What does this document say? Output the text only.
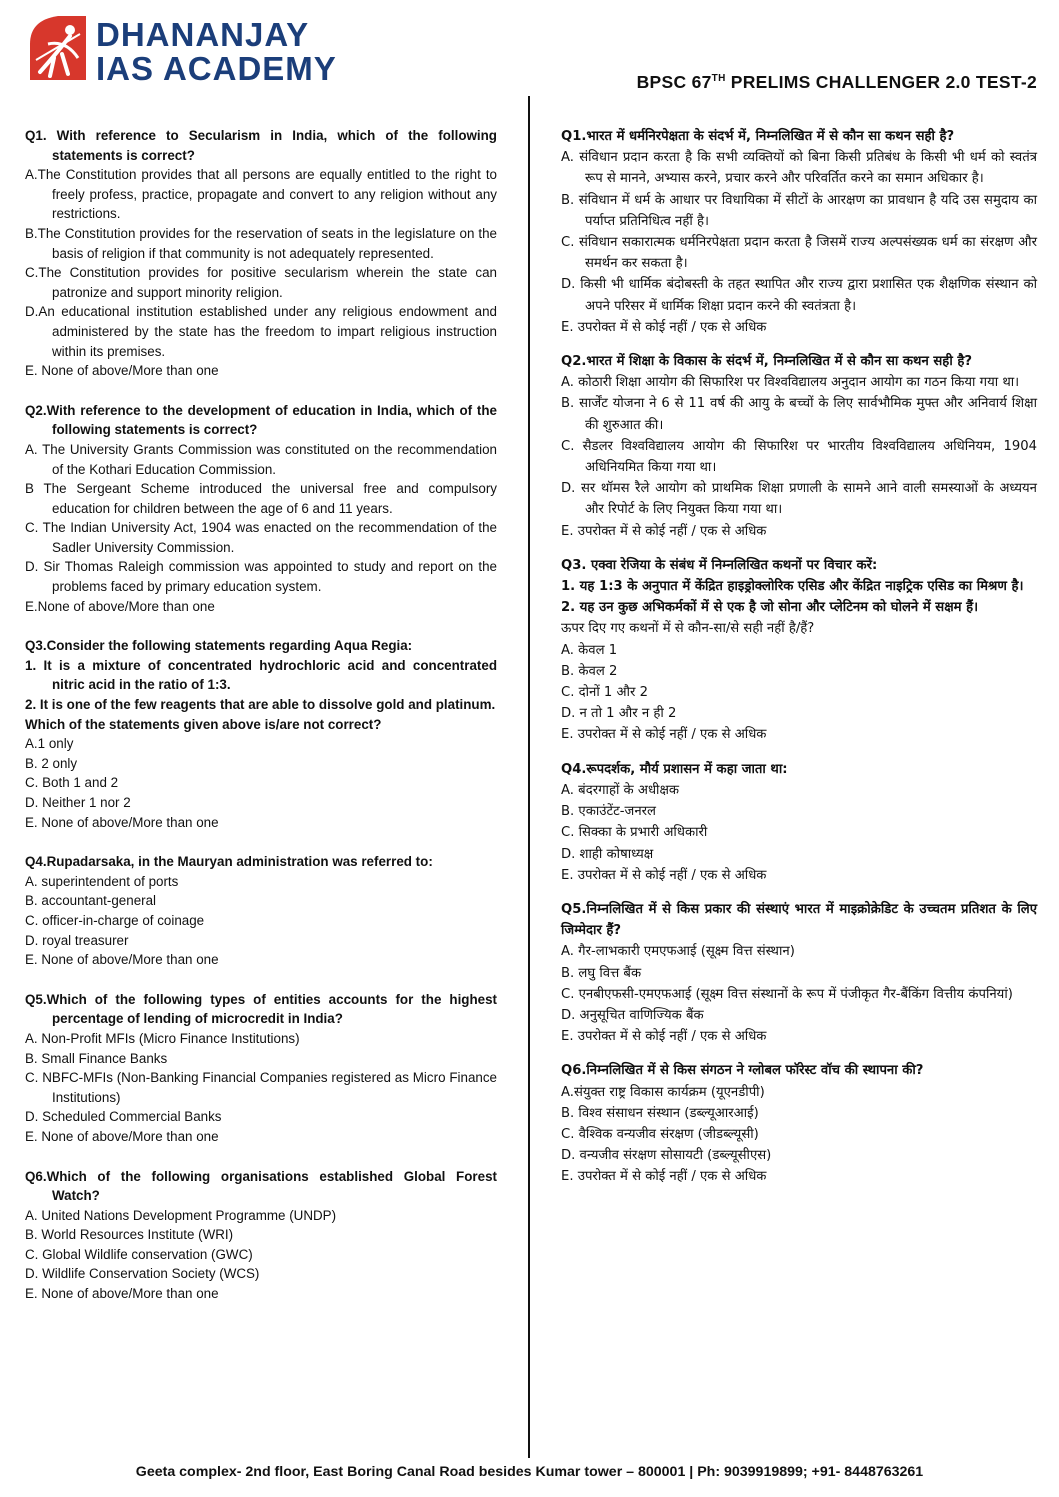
DHANANJAY
IAS ACADEMY	BPSC 67TH PRELIMS CHALLENGER 2.0 TEST-2
Q1. With reference to Secularism in India, which of the following statements is correct?
A.The Constitution provides that all persons are equally entitled to the right to freely profess, practice, propagate and convert to any religion without any restrictions.
B.The Constitution provides for the reservation of seats in the legislature on the basis of religion if that community is not adequately represented.
C.The Constitution provides for positive secularism wherein the state can patronize and support minority religion.
D.An educational institution established under any religious endowment and administered by the state has the freedom to impart religious instruction within its premises.
E. None of above/More than one
Q2.With reference to the development of education in India, which of the following statements is correct?
A. The University Grants Commission was constituted on the recommendation of the Kothari Education Commission.
B The Sergeant Scheme introduced the universal free and compulsory education for children between the age of 6 and 11 years.
C. The Indian University Act, 1904 was enacted on the recommendation of the Sadler University Commission.
D. Sir Thomas Raleigh commission was appointed to study and report on the problems faced by primary education system.
E.None of above/More than one
Q3.Consider the following statements regarding Aqua Regia:
1. It is a mixture of concentrated hydrochloric acid and concentrated nitric acid in the ratio of 1:3.
2. It is one of the few reagents that are able to dissolve gold and platinum.
Which of the statements given above is/are not correct?
A.1 only
B. 2 only
C. Both 1 and 2
D. Neither 1 nor 2
E. None of above/More than one
Q4.Rupadarsaka, in the Mauryan administration was referred to:
A. superintendent of ports
B. accountant-general
C. officer-in-charge of coinage
D. royal treasurer
E. None of above/More than one
Q5.Which of the following types of entities accounts for the highest percentage of lending of microcredit in India?
A. Non-Profit MFIs (Micro Finance Institutions)
B. Small Finance Banks
C. NBFC-MFIs (Non-Banking Financial Companies registered as Micro Finance Institutions)
D. Scheduled Commercial Banks
E. None of above/More than one
Q6.Which of the following organisations established Global Forest Watch?
A. United Nations Development Programme (UNDP)
B. World Resources Institute (WRI)
C. Global Wildlife conservation (GWC)
D. Wildlife Conservation Society (WCS)
E. None of above/More than one
Q1.भारत में धर्मनिरपेक्षता के संदर्भ में, निम्नलिखित में से कौन सा कथन सही है?
A. संविधान प्रदान करता है कि सभी व्यक्तियों को बिना किसी प्रतिबंध के किसी भी धर्म को स्वतंत्र रूप से मानने, अभ्यास करने, प्रचार करने और परिवर्तित करने का समान अधिकार है।
B. संविधान में धर्म के आधार पर विधायिका में सीटों के आरक्षण का प्रावधान है यदि उस समुदाय का पर्याप्त प्रतिनिधित्व नहीं है।
C. संविधान सकारात्मक धर्मनिरपेक्षता प्रदान करता है जिसमें राज्य अल्पसंख्यक धर्म का संरक्षण और समर्थन कर सकता है।
D. किसी भी धार्मिक बंदोबस्ती के तहत स्थापित और राज्य द्वारा प्रशासित एक शैक्षणिक संस्थान को अपने परिसर में धार्मिक शिक्षा प्रदान करने की स्वतंत्रता है।
E. उपरोक्त में से कोई नहीं / एक से अधिक
Q2.भारत में शिक्षा के विकास के संदर्भ में, निम्नलिखित में से कौन सा कथन सही है?
A. कोठारी शिक्षा आयोग की सिफारिश पर विश्वविद्यालय अनुदान आयोग का गठन किया गया था।
B. सार्जेंट योजना ने 6 से 11 वर्ष की आयु के बच्चों के लिए सार्वभौमिक मुफ्त और अनिवार्य शिक्षा की शुरुआत की।
C. सैडलर विश्वविद्यालय आयोग की सिफारिश पर भारतीय विश्वविद्यालय अधिनियम, 1904 अधिनियमित किया गया था।
D. सर थॉमस रैले आयोग को प्राथमिक शिक्षा प्रणाली के सामने आने वाली समस्याओं के अध्ययन और रिपोर्ट के लिए नियुक्त किया गया था।
E. उपरोक्त में से कोई नहीं / एक से अधिक
Q3. एक्वा रेजिया के संबंध में निम्नलिखित कथनों पर विचार करें:
1. यह 1:3 के अनुपात में केंद्रित हाइड्रोक्लोरिक एसिड और केंद्रित नाइट्रिक एसिड का मिश्रण है।
2. यह उन कुछ अभिकर्मकों में से एक है जो सोना और प्लेटिनम को घोलने में सक्षम हैं।
ऊपर दिए गए कथनों में से कौन-सा/से सही नहीं है/हैं?
A. केवल 1
B. केवल 2
C. दोनों 1 और 2
D. न तो 1 और न ही 2
E. उपरोक्त में से कोई नहीं / एक से अधिक
Q4.रूपदर्शक, मौर्य प्रशासन में कहा जाता था:
A. बंदरगाहों के अधीक्षक
B. एकाउंटेंट-जनरल
C. सिक्का के प्रभारी अधिकारी
D. शाही कोषाध्यक्ष
E. उपरोक्त में से कोई नहीं / एक से अधिक
Q5.निम्नलिखित में से किस प्रकार की संस्थाएं भारत में माइक्रोक्रेडिट के उच्चतम प्रतिशत के लिए जिम्मेदार हैं?
A. गैर-लाभकारी एमएफआई (सूक्ष्म वित्त संस्थान)
B. लघु वित्त बैंक
C. एनबीएफसी-एमएफआई (सूक्ष्म वित्त संस्थानों के रूप में पंजीकृत गैर-बैंकिंग वित्तीय कंपनियां)
D. अनुसूचित वाणिज्यिक बैंक
E. उपरोक्त में से कोई नहीं / एक से अधिक
Q6.निम्नलिखित में से किस संगठन ने ग्लोबल फॉरेस्ट वॉच की स्थापना की?
A.संयुक्त राष्ट्र विकास कार्यक्रम (यूएनडीपी)
B. विश्व संसाधन संस्थान (डब्ल्यूआरआई)
C. वैश्विक वन्यजीव संरक्षण (जीडब्ल्यूसी)
D. वन्यजीव संरक्षण सोसायटी (डब्ल्यूसीएस)
E. उपरोक्त में से कोई नहीं / एक से अधिक
Geeta complex- 2nd floor, East Boring Canal Road besides Kumar tower – 800001 | Ph: 9039919899; +91- 8448763261
